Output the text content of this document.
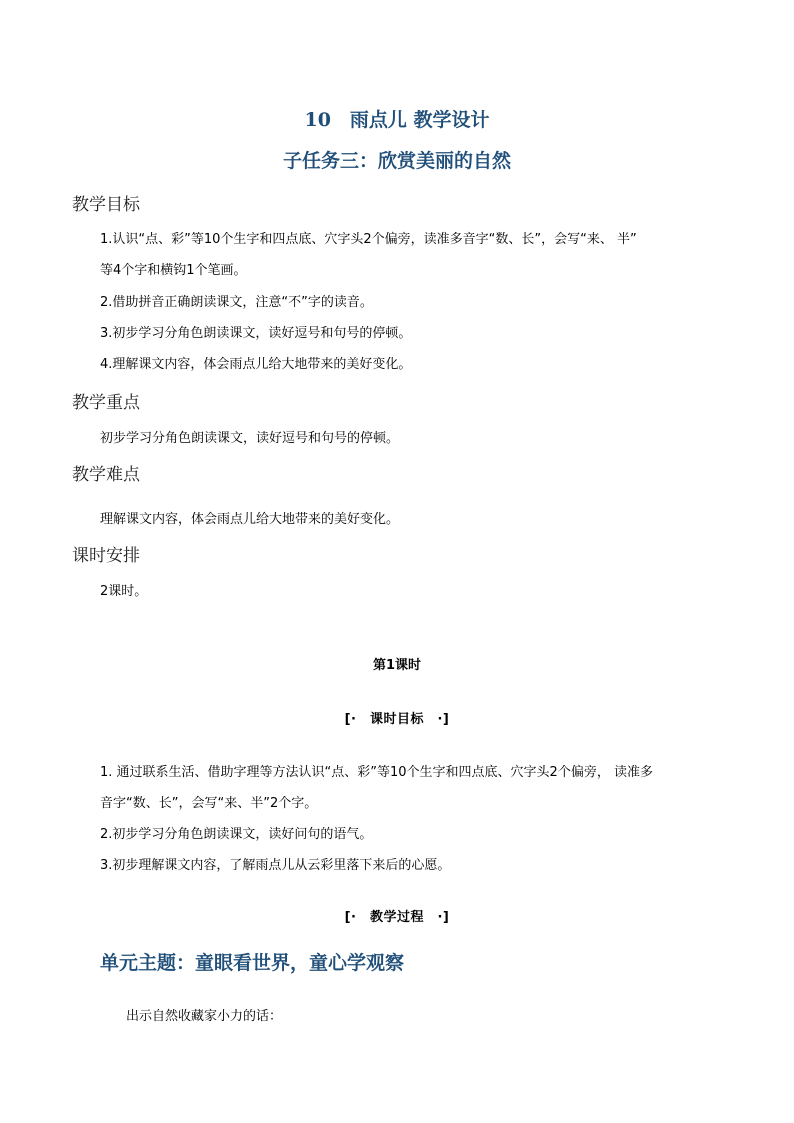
10　雨点儿 教学设计
子任务三：欣赏美丽的自然
教学目标
1.认识“点、彩”等10个生字和四点底、穴字头2个偏旁，读准多音字“数、长”，会写“来、 半”
等4个字和横钩1个笔画。
2.借助拼音正确朗读课文，注意“不”字的读音。
3.初步学习分角色朗读课文，读好逗号和句号的停顿。
4.理解课文内容，体会雨点儿给大地带来的美好变化。
教学重点
初步学习分角色朗读课文，读好逗号和句号的停顿。
教学难点
理解课文内容，体会雨点儿给大地带来的美好变化。
课时安排
2课时。
第1课时
[·　课时目标　·]
1. 通过联系生活、借助字理等方法认识“点、彩”等10个生字和四点底、穴字头2个偏旁， 读准多
音字“数、长”，会写“来、半”2个字。
2.初步学习分角色朗读课文，读好问句的语气。
3.初步理解课文内容，了解雨点儿从云彩里落下来后的心愿。
[·　教学过程　·]
单元主题：童眼看世界，童心学观察
出示自然收藏家小力的话：
